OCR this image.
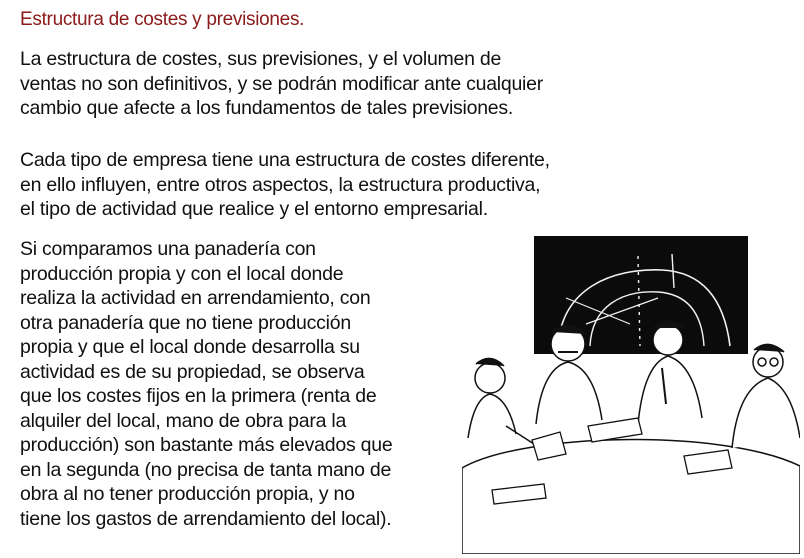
Estructura de costes y previsiones.

La estructura de costes, sus previsiones, y el volumen de
ventas no son definitivos, y se podrán modificar ante cualquier
cambio que afecte a los fundamentos de tales previsiones.

Cada tipo de empresa tiene una estructura de costes diferente,
en ello influyen, entre otros aspectos, la estructura productiva,
el tipo de actividad que realice y el entorno empresarial.

Si comparamos una panadería con
producción propia y con el local donde
realiza la actividad en arrendamiento, con
otra panadería que no tiene producción
propia y que el local donde desarrolla su
actividad es de su propiedad, se observa
que los costes fijos en la primera (renta de
alquiler del local, mano de obra para la
producción) son bastante más elevados que
en la segunda (no precisa de tanta mano de
obra al no tener producción propia, y no
tiene los gastos de arrendamiento del local).
